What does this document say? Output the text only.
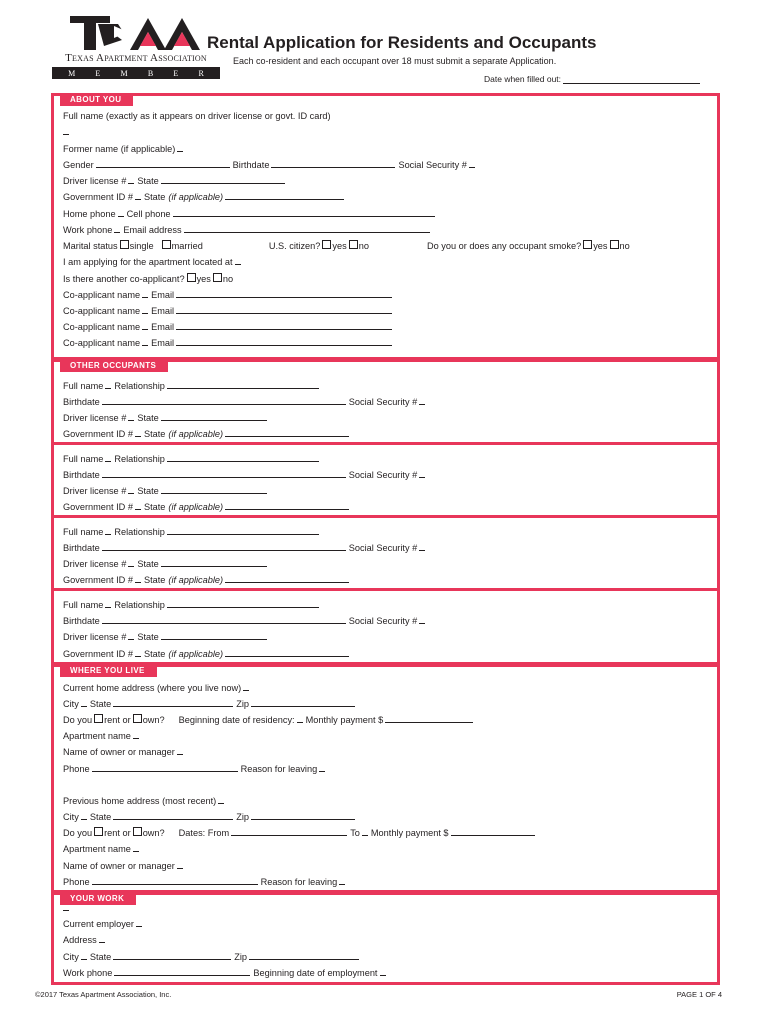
TAA
Texas Apartment Association
M	E	M	B	E	R
Rental Application for Residents and Occupants
Each co-resident and each occupant over 18 must submit a separate Application.
Date when filled out:
ABOUT YOU
Full name (exactly as it appears on driver license or govt. ID card)
Former name (if applicable)
Gender	Birthdate	Social Security #
Driver license # State
Government ID # State (if applicable)
Home phone Cell phone
Work phone Email address
Marital status single married	U.S. citizen? yes no	Do you or does any occupant smoke? yes no
I am applying for the apartment located at
Is there another co-applicant? yes no
Co-applicant name Email
Co-applicant name Email
Co-applicant name Email
Co-applicant name Email
OTHER OCCUPANTS
Full name Relationship
Birthdate	Social Security #
Driver license # State
Government ID # State (if applicable)
Full name Relationship
Birthdate	Social Security #
Driver license # State
Government ID # State (if applicable)
Full name Relationship
Birthdate	Social Security #
Driver license # State
Government ID # State (if applicable)
Full name Relationship
Birthdate	Social Security #
Driver license # State
Government ID # State (if applicable)
WHERE YOU LIVE
Current home address (where you live now)
City State	Zip
Do you rent or own? Beginning date of residency: Monthly payment $
Apartment name
Name of owner or manager
Phone	Reason for leaving
Previous home address (most recent)
City State	Zip
Do you rent or own? Dates: From	To Monthly payment $
Apartment name
Name of owner or manager
Phone	Reason for leaving
YOUR WORK
Current employer
Address
City State	Zip
Work phone	Beginning date of employment
©2017 Texas Apartment Association, Inc.	PAGE 1 OF 4
